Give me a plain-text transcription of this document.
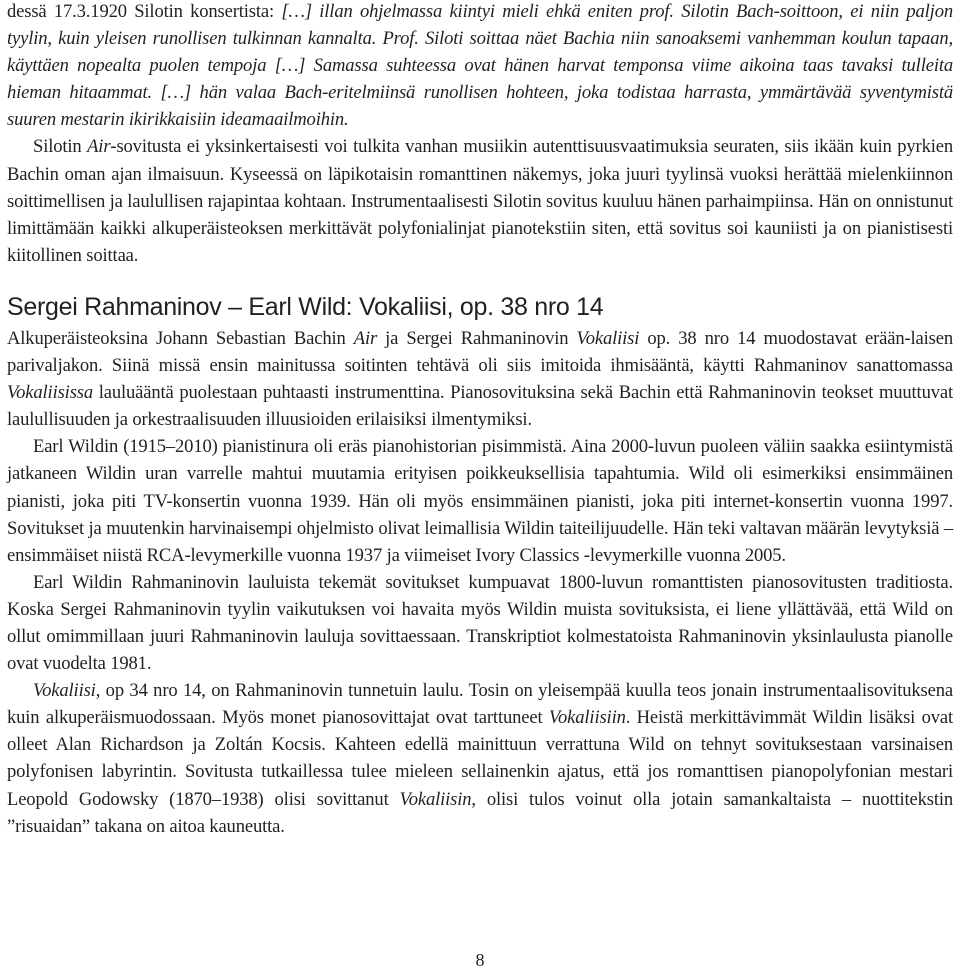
dessä 17.3.1920 Silotin konsertista: […] illan ohjelmassa kiintyi mieli ehkä eniten prof. Silotin Bach-soittoon, ei niin paljon tyylin, kuin yleisen runollisen tulkinnan kannalta. Prof. Siloti soittaa näet Bachia niin sanoaksemi vanhemman koulun tapaan, käyttäen nopealta puolen tempoja […] Samassa suhteessa ovat hänen harvat temponsa viime aikoina taas tavaksi tulleita hieman hitaammat. […] hän valaa Bach-eritelmiinsä runollisen hohteen, joka todistaa harrasta, ymmärtävää syventymistä suuren mestarin ikirikkaisiin ideamaailmoihin.

Silotin Air-sovitusta ei yksinkertaisesti voi tulkita vanhan musiikin autenttisuusvaatimuksia seuraten, siis ikään kuin pyrkien Bachin oman ajan ilmaisuun. Kyseessä on läpikotaisin romanttinen näkemys, joka juuri tyylinsä vuoksi herättää mielenkiinnon soittimellisen ja laulullisen rajapintaa kohtaan. Instrumentaalisesti Silotin sovitus kuuluu hänen parhaimpiinsa. Hän on onnistunut limittämään kaikki alkuperäisteoksen merkittävät polyfonialinjat pianotekstiin siten, että sovitus soi kauniisti ja on pianistisesti kiitollinen soittaa.

Sergei Rahmaninov – Earl Wild: Vokaliisi, op. 38 nro 14

Alkuperäisteoksina Johann Sebastian Bachin Air ja Sergei Rahmaninovin Vokaliisi op. 38 nro 14 muodostavat erään-laisen parivaljakon. Siinä missä ensin mainitussa soitinten tehtävä oli siis imitoida ihmisääntä, käytti Rahmaninov sanattomassa Vokaliisissa lauluääntä puolestaan puhtaasti instrumenttina. Pianosovituksina sekä Bachin että Rahmaninovin teokset muuttuvat laulullisuuden ja orkestraalisuuden illuusioiden erilaisiksi ilmentymiksi.

Earl Wildin (1915–2010) pianistinura oli eräs pianohistorian pisimmistä. Aina 2000-luvun puoleen väliin saakka esiintymistä jatkaneen Wildin uran varrelle mahtui muutamia erityisen poikkeuksellisia tapahtumia. Wild oli esimerkiksi ensimmäinen pianisti, joka piti TV-konsertin vuonna 1939. Hän oli myös ensimmäinen pianisti, joka piti internet-konsertin vuonna 1997. Sovitukset ja muutenkin harvinaisempi ohjelmisto olivat leimallisia Wildin taiteilijuudelle. Hän teki valtavan määrän levytyksiä – ensimmäiset niistä RCA-levymerkille vuonna 1937 ja viimeiset Ivory Classics -levymerkille vuonna 2005.

Earl Wildin Rahmaninovin lauluista tekemät sovitukset kumpuavat 1800-luvun romanttisten pianosovitusten traditiosta. Koska Sergei Rahmaninovin tyylin vaikutuksen voi havaita myös Wildin muista sovituksista, ei liene yllättävää, että Wild on ollut omimmillaan juuri Rahmaninovin lauluja sovittaessaan. Transkriptiot kolmestatoista Rahmaninovin yksinlaulusta pianolle ovat vuodelta 1981.

Vokaliisi, op 34 nro 14, on Rahmaninovin tunnetuin laulu. Tosin on yleisempää kuulla teos jonain instrumentaalisovituksena kuin alkuperäismuodossaan. Myös monet pianosovittajat ovat tarttuneet Vokaliisiin. Heistä merkittävimmät Wildin lisäksi ovat olleet Alan Richardson ja Zoltán Kocsis. Kahteen edellä mainittuun verrattuna Wild on tehnyt sovituksestaan varsinaisen polyfonisen labyrintin. Sovitusta tutkaillessa tulee mieleen sellainenkin ajatus, että jos romanttisen pianopolyfonian mestari Leopold Godowsky (1870–1938) olisi sovittanut Vokaliisin, olisi tulos voinut olla jotain samankaltaista – nuottitekstin ”risuaidan” takana on aitoa kauneutta.

8
